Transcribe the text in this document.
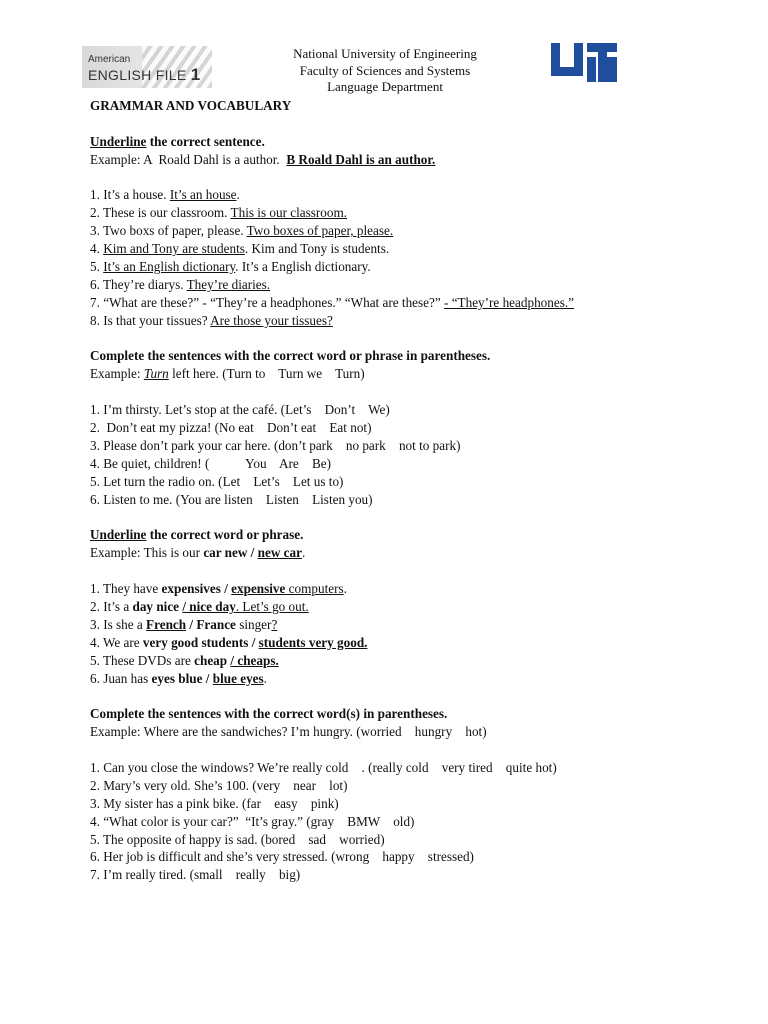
American
ENGLISH FILE 1
National University of Engineering
Faculty of Sciences and Systems
Language Department
GRAMMAR AND VOCABULARY
Underline the correct sentence.
Example: A  Roald Dahl is a author.  B Roald Dahl is an author.
1. It’s a house. It’s an house.
2. These is our classroom. This is our classroom.
3. Two boxs of paper, please. Two boxes of paper, please.
4. Kim and Tony are students. Kim and Tony is students.
5. It’s an English dictionary. It’s a English dictionary.
6. They’re diarys. They’re diaries.
7. “What are these?” - “They’re a headphones.” “What are these?” - “They’re headphones.”
8. Is that your tissues? Are those your tissues?
Complete the sentences with the correct word or phrase in parentheses.
Example: Turn left here. (Turn to    Turn we    Turn)
1. I’m thirsty. Let’s stop at the café. (Let’s    Don’t    We)
2.  Don’t eat my pizza! (No eat    Don’t eat    Eat not)
3. Please don’t park your car here. (don’t park    no park    not to park)
4. Be quiet, children! (           You    Are    Be)
5. Let turn the radio on. (Let    Let’s    Let us to)
6. Listen to me. (You are listen    Listen    Listen you)
Underline the correct word or phrase.
Example: This is our car new / new car.
1. They have expensives / expensive computers.
2. It’s a day nice / nice day. Let’s go out.
3. Is she a French / France singer?
4. We are very good students / students very good.
5. These DVDs are cheap / cheaps.
6. Juan has eyes blue / blue eyes.
Complete the sentences with the correct word(s) in parentheses.
Example: Where are the sandwiches? I’m hungry. (worried    hungry    hot)
1. Can you close the windows? We’re really cold    . (really cold    very tired    quite hot)
2. Mary’s very old. She’s 100. (very    near    lot)
3. My sister has a pink bike. (far    easy    pink)
4. “What color is your car?”  “It’s gray.” (gray    BMW    old)
5. The opposite of happy is sad. (bored    sad    worried)
6. Her job is difficult and she’s very stressed. (wrong    happy    stressed)
7. I’m really tired. (small    really    big)
